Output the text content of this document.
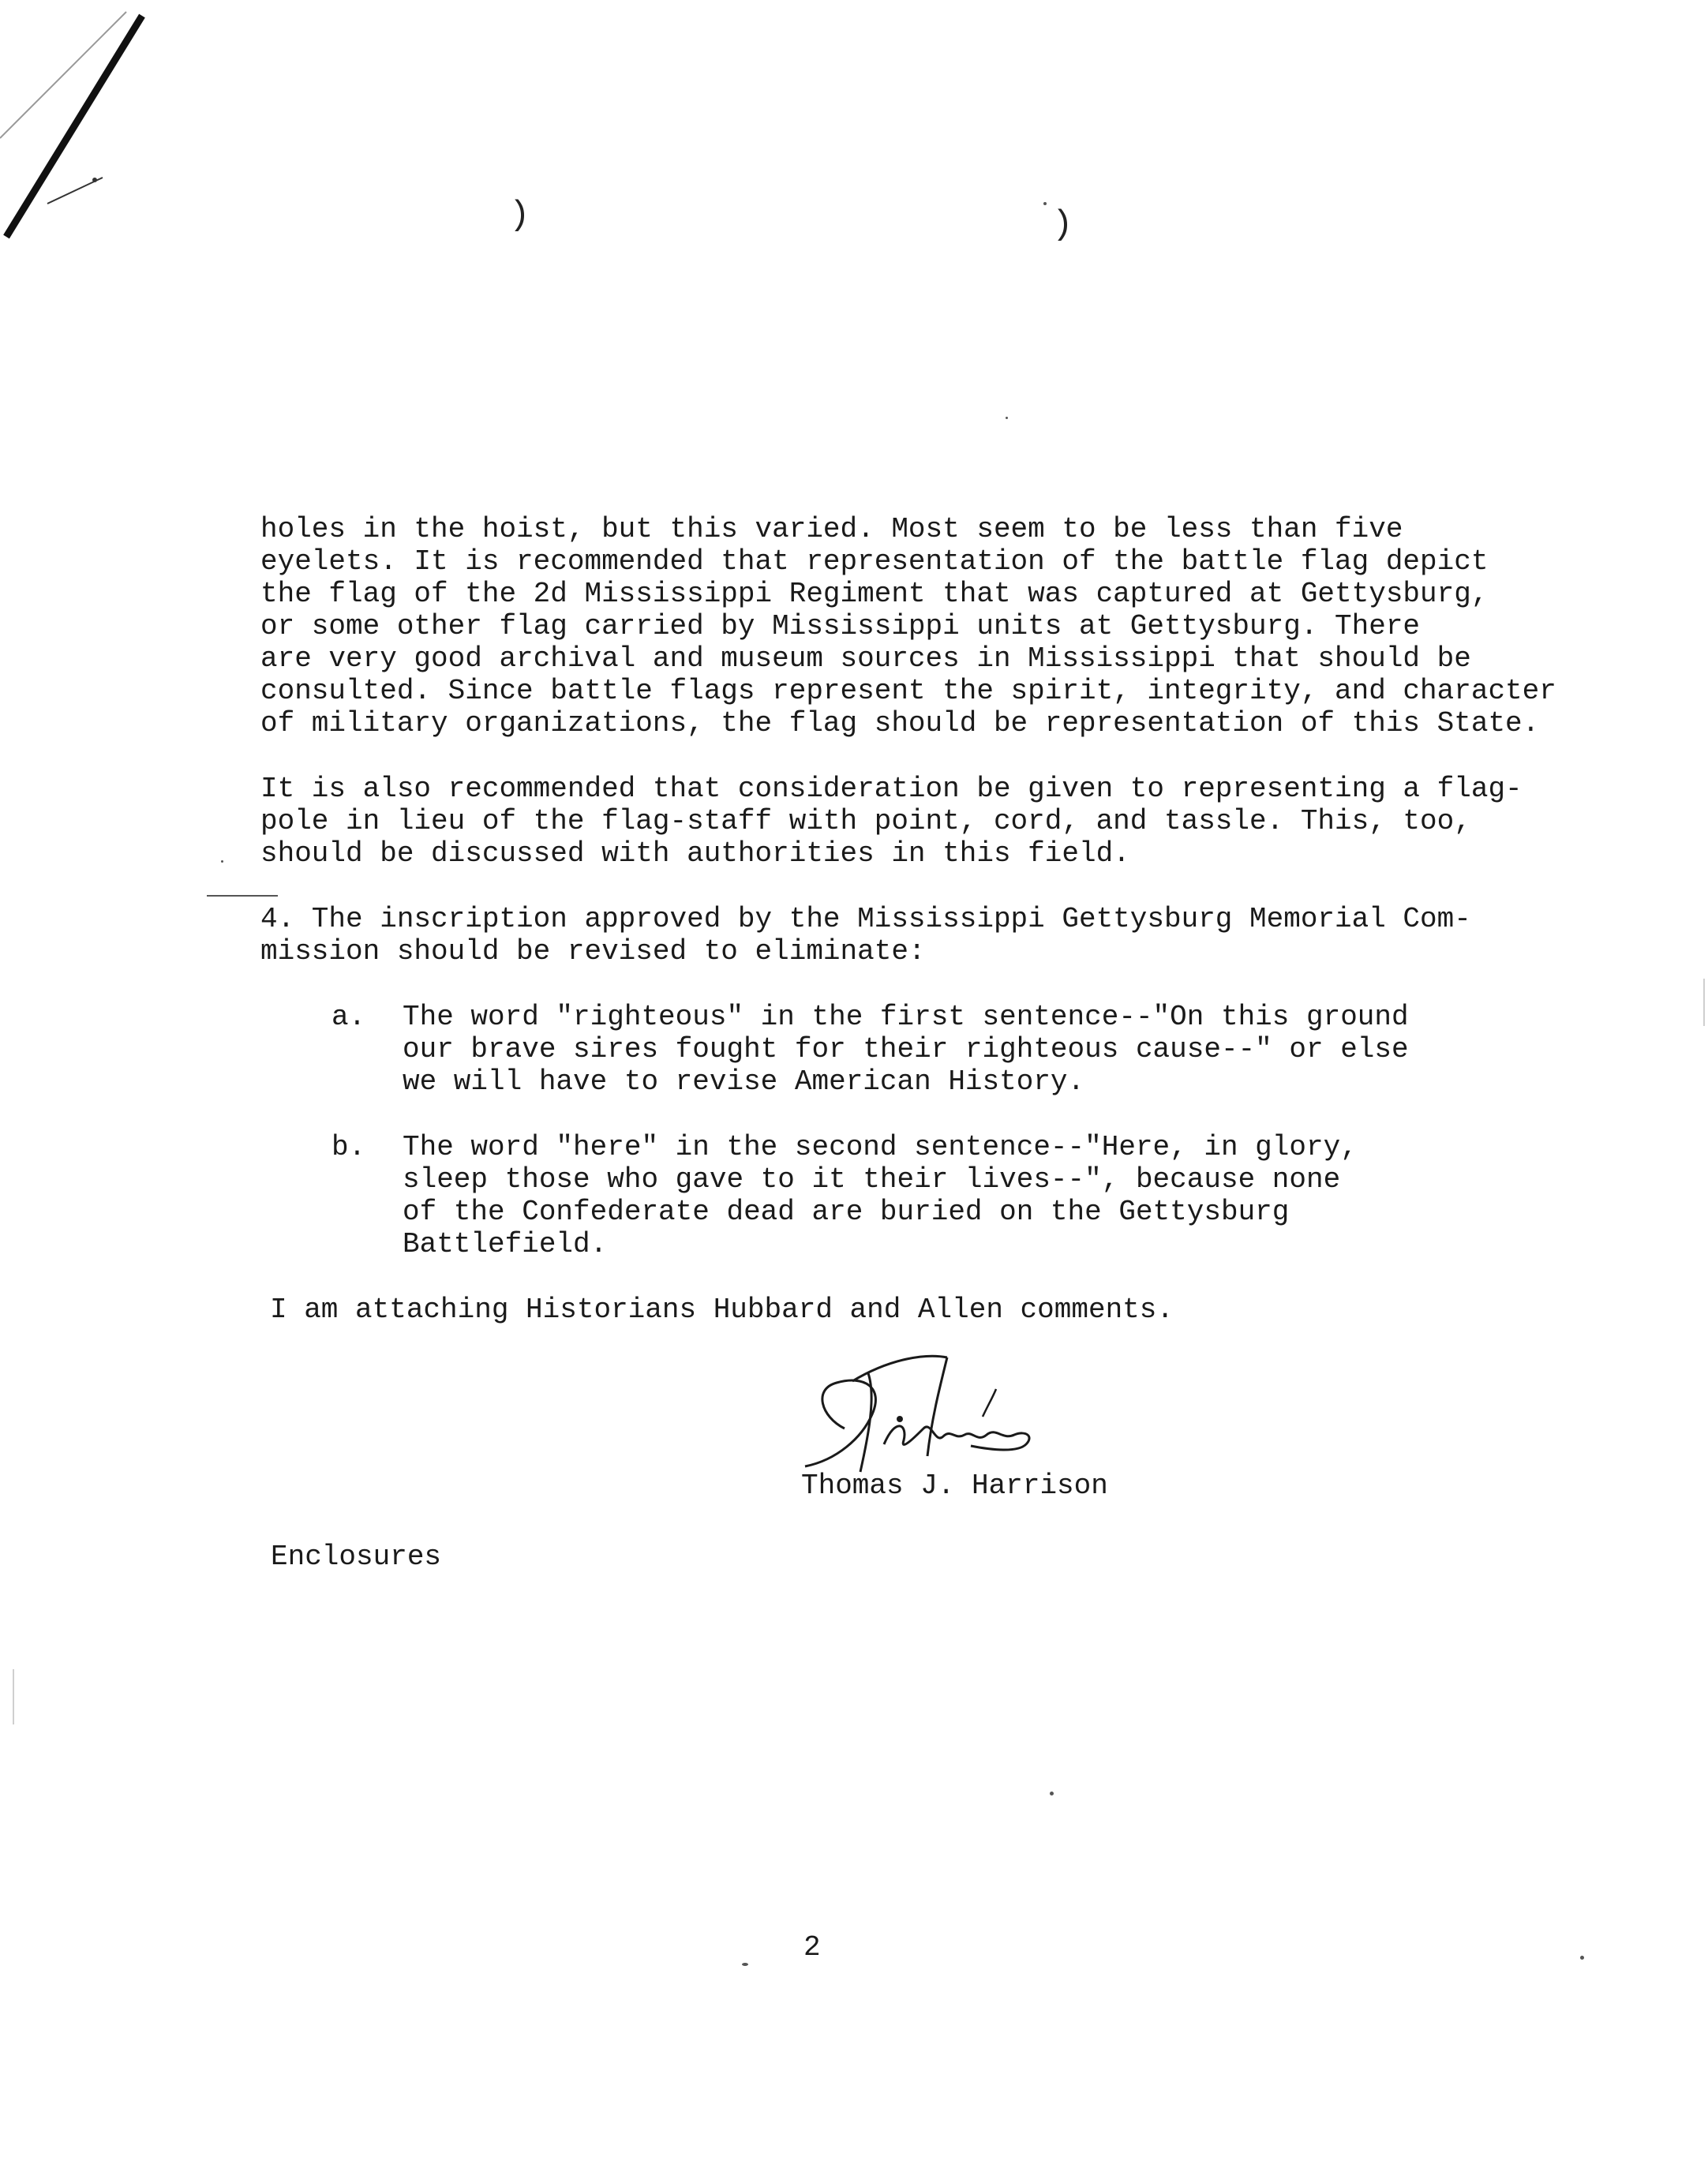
)	)
holes in the hoist, but this varied. Most seem to be less than five
eyelets. It is recommended that representation of the battle flag depict
the flag of the 2d Mississippi Regiment that was captured at Gettysburg,
or some other flag carried by Mississippi units at Gettysburg. There
are very good archival and museum sources in Mississippi that should be
consulted. Since battle flags represent the spirit, integrity, and character
of military organizations, the flag should be representation of this State.
It is also recommended that consideration be given to representing a flag-
pole in lieu of the flag-staff with point, cord, and tassle. This, too,
should be discussed with authorities in this field.
4. The inscription approved by the Mississippi Gettysburg Memorial Com-
mission should be revised to eliminate:
a. The word "righteous" in the first sentence--"On this ground
our brave sires fought for their righteous cause--" or else
we will have to revise American History.
b. The word "here" in the second sentence--"Here, in glory,
sleep those who gave to it their lives--", because none
of the Confederate dead are buried on the Gettysburg
Battlefield.
I am attaching Historians Hubbard and Allen comments.
Thomas J. Harrison
Enclosures
2
